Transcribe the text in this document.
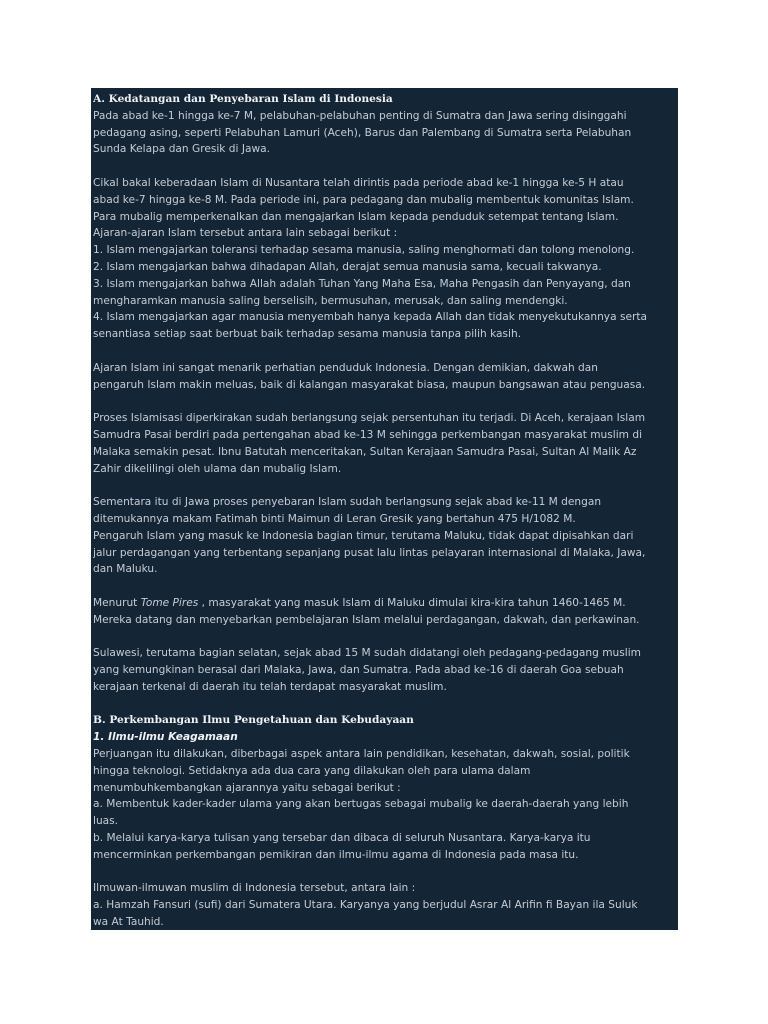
A. Kedatangan dan Penyebaran Islam di Indonesia
Pada abad ke-1 hingga ke-7 M, pelabuhan-pelabuhan penting di Sumatra dan Jawa sering disinggahi
pedagang asing, seperti Pelabuhan Lamuri (Aceh), Barus dan Palembang di Sumatra serta Pelabuhan
Sunda Kelapa dan Gresik di Jawa.
Cikal bakal keberadaan Islam di Nusantara telah dirintis pada periode abad ke-1 hingga ke-5 H atau
abad ke-7 hingga ke-8 M. Pada periode ini, para pedagang dan mubalig membentuk komunitas Islam.
Para mubalig memperkenalkan dan mengajarkan Islam kepada penduduk setempat tentang Islam.
Ajaran-ajaran Islam tersebut antara lain sebagai berikut :
1. Islam mengajarkan toleransi terhadap sesama manusia, saling menghormati dan tolong menolong.
2. Islam mengajarkan bahwa dihadapan Allah, derajat semua manusia sama, kecuali takwanya.
3. Islam mengajarkan bahwa Allah adalah Tuhan Yang Maha Esa, Maha Pengasih dan Penyayang, dan
mengharamkan manusia saling berselisih, bermusuhan, merusak, dan saling mendengki.
4. Islam mengajarkan agar manusia menyembah hanya kepada Allah dan tidak menyekutukannya serta
senantiasa setiap saat berbuat baik terhadap sesama manusia tanpa pilih kasih.
Ajaran Islam ini sangat menarik perhatian penduduk Indonesia. Dengan demikian, dakwah dan
pengaruh Islam makin meluas, baik di kalangan masyarakat biasa, maupun bangsawan atau penguasa.
Proses Islamisasi diperkirakan sudah berlangsung sejak persentuhan itu terjadi. Di Aceh, kerajaan Islam
Samudra Pasai berdiri pada pertengahan abad ke-13 M sehingga perkembangan masyarakat muslim di
Malaka semakin pesat. Ibnu Batutah menceritakan, Sultan Kerajaan Samudra Pasai, Sultan Al Malik Az
Zahir dikelilingi oleh ulama dan mubalig Islam.
Sementara itu di Jawa proses penyebaran Islam sudah berlangsung sejak abad ke-11 M dengan
ditemukannya makam Fatimah binti Maimun di Leran Gresik yang bertahun 475 H/1082 M.
Pengaruh Islam yang masuk ke Indonesia bagian timur, terutama Maluku, tidak dapat dipisahkan dari
jalur perdagangan yang terbentang sepanjang pusat lalu lintas pelayaran internasional di Malaka, Jawa,
dan Maluku.
Menurut Tome Pires , masyarakat yang masuk Islam di Maluku dimulai kira-kira tahun 1460-1465 M.
Mereka datang dan menyebarkan pembelajaran Islam melalui perdagangan, dakwah, dan perkawinan.
Sulawesi, terutama bagian selatan, sejak abad 15 M sudah didatangi oleh pedagang-pedagang muslim
yang kemungkinan berasal dari Malaka, Jawa, dan Sumatra. Pada abad ke-16 di daerah Goa sebuah
kerajaan terkenal di daerah itu telah terdapat masyarakat muslim.
B. Perkembangan Ilmu Pengetahuan dan Kebudayaan
1. Ilmu-ilmu Keagamaan
Perjuangan itu dilakukan, diberbagai aspek antara lain pendidikan, kesehatan, dakwah, sosial, politik
hingga teknologi. Setidaknya ada dua cara yang dilakukan oleh para ulama dalam
menumbuhkembangkan ajarannya yaitu sebagai berikut :
a. Membentuk kader-kader ulama yang akan bertugas sebagai mubalig ke daerah-daerah yang lebih
luas.
b. Melalui karya-karya tulisan yang tersebar dan dibaca di seluruh Nusantara. Karya-karya itu
mencerminkan perkembangan pemikiran dan ilmu-ilmu agama di Indonesia pada masa itu.
Ilmuwan-ilmuwan muslim di Indonesia tersebut, antara lain :
a. Hamzah Fansuri (sufi) dari Sumatera Utara. Karyanya yang berjudul Asrar Al Arifin fi Bayan ila Suluk
wa At Tauhid.
